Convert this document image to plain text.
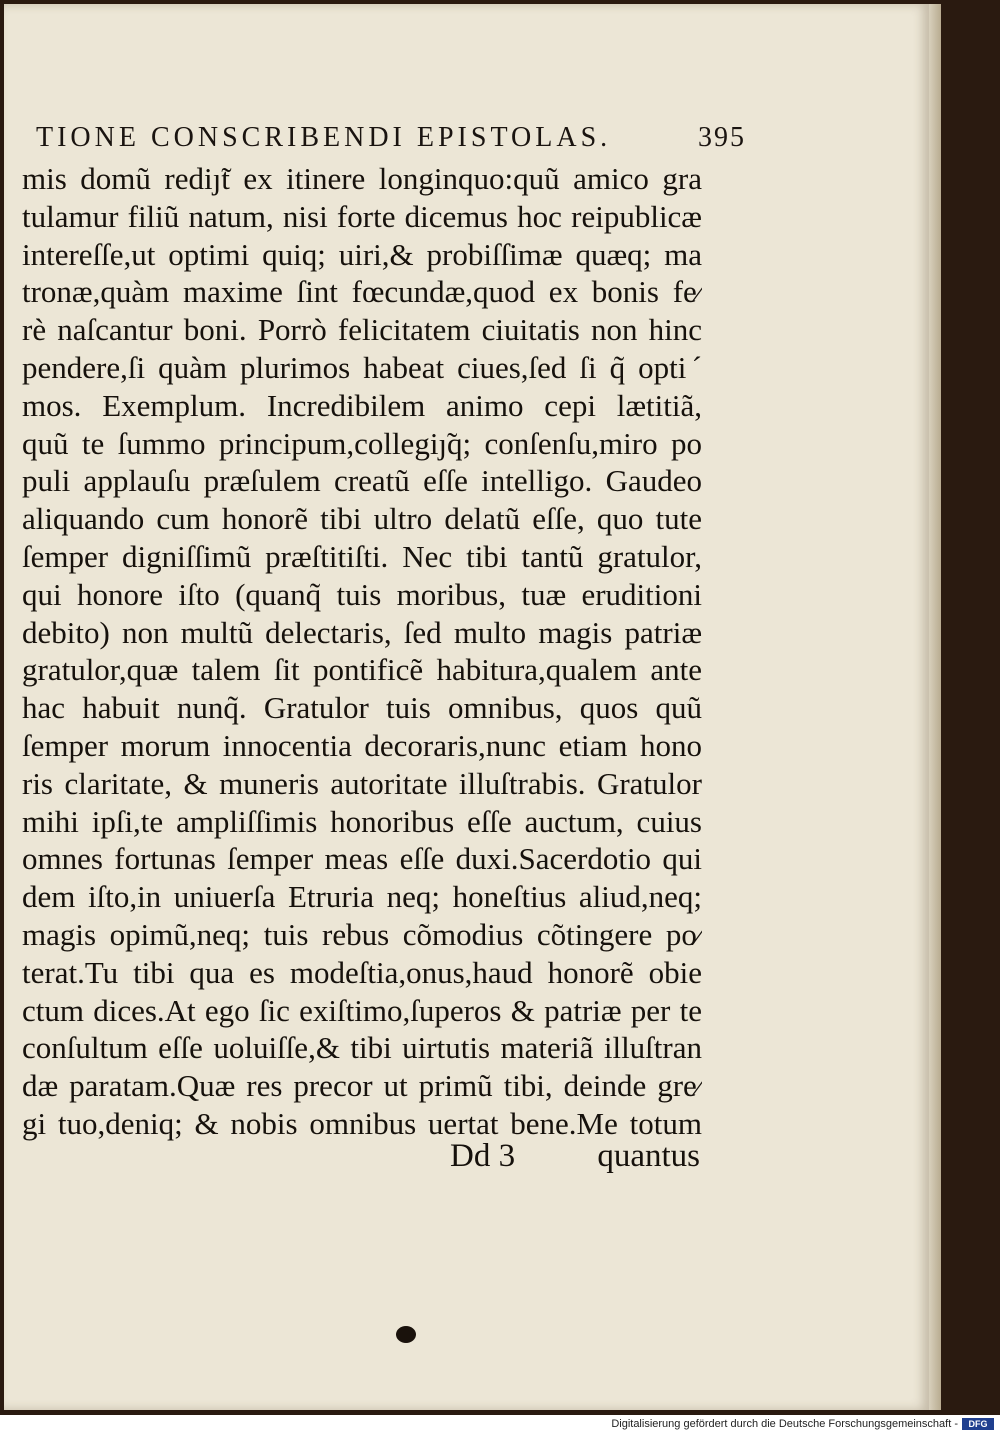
TIONE CONSCRIBENDI EPISTOLAS.	395
mis domũ rediȷ̃t ex itinere longinquo:quũ amico gra
tulamur filiũ natum, nisi forte dicemus hoc reipublicæ
intereſſe,ut optimi quiq; uiri,& probiſſimæ quæq; ma
tronæ,quàm maxime ſint fœcundæ,quod ex bonis fe⁄
rè naſcantur boni. Porrò felicitatem ciuitatis non hinc
pendere,ſi quàm plurimos habeat ciues,ſed ſi q̃ optiˊ
mos. Exemplum. Incredibilem animo cepi lætitiã,
quũ te ſummo principum,collegiȷ̃q; conſenſu,miro po
puli applauſu præſulem creatũ eſſe intelligo. Gaudeo
aliquando cum honorẽ tibi ultro delatũ eſſe, quo tute
ſemper digniſſimũ præſtitiſti. Nec tibi tantũ gratulor,
qui honore iſto (quanq̃ tuis moribus, tuæ eruditioni
debito) non multũ delectaris, ſed multo magis patriæ
gratulor,quæ talem ſit pontificẽ habitura,qualem ante
hac habuit nunq̃. Gratulor tuis omnibus, quos quũ
ſemper morum innocentia decoraris,nunc etiam hono
ris claritate, & muneris autoritate illuſtrabis. Gratulor
mihi ipſi,te ampliſſimis honoribus eſſe auctum, cuius
omnes fortunas ſemper meas eſſe duxi.Sacerdotio qui
dem iſto,in uniuerſa Etruria neq; honeſtius aliud,neq;
magis opimũ,neq; tuis rebus cõmodius cõtingere po⁄
terat.Tu tibi qua es modeſtia,onus,haud honorẽ obie
ctum dices.At ego ſic exiſtimo,ſuperos & patriæ per te
conſultum eſſe uoluiſſe,& tibi uirtutis materiã illuſtran
dæ paratam.Quæ res precor ut primũ tibi, deinde gre⁄
gi tuo,deniq; & nobis omnibus uertat bene.Me totum
Dd 3 quantus
Digitalisierung gefördert durch die Deutsche Forschungsgemeinschaft -	DFG
